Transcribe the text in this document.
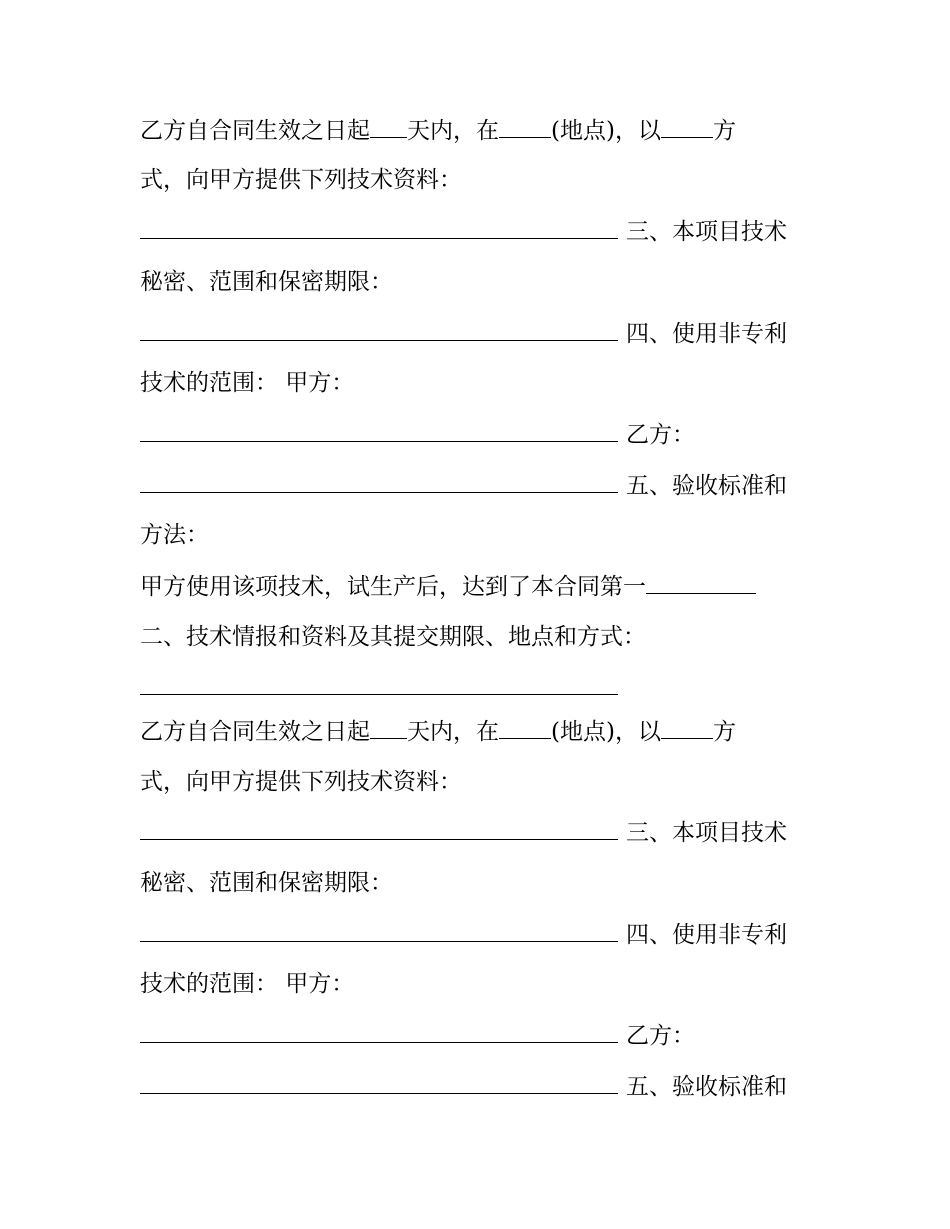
乙方自合同生效之日起 天内，在 (地点)，以 方
式，向甲方提供下列技术资料：
三、本项目技术
秘密、范围和保密期限：
四、使用非专利
技术的范围： 甲方：
乙方：
五、验收标准和
方法：
甲方使用该项技术，试生产后，达到了本合同第一
二、技术情报和资料及其提交期限、地点和方式：
乙方自合同生效之日起 天内，在 (地点)，以 方
式，向甲方提供下列技术资料：
三、本项目技术
秘密、范围和保密期限：
四、使用非专利
技术的范围： 甲方：
乙方：
五、验收标准和
